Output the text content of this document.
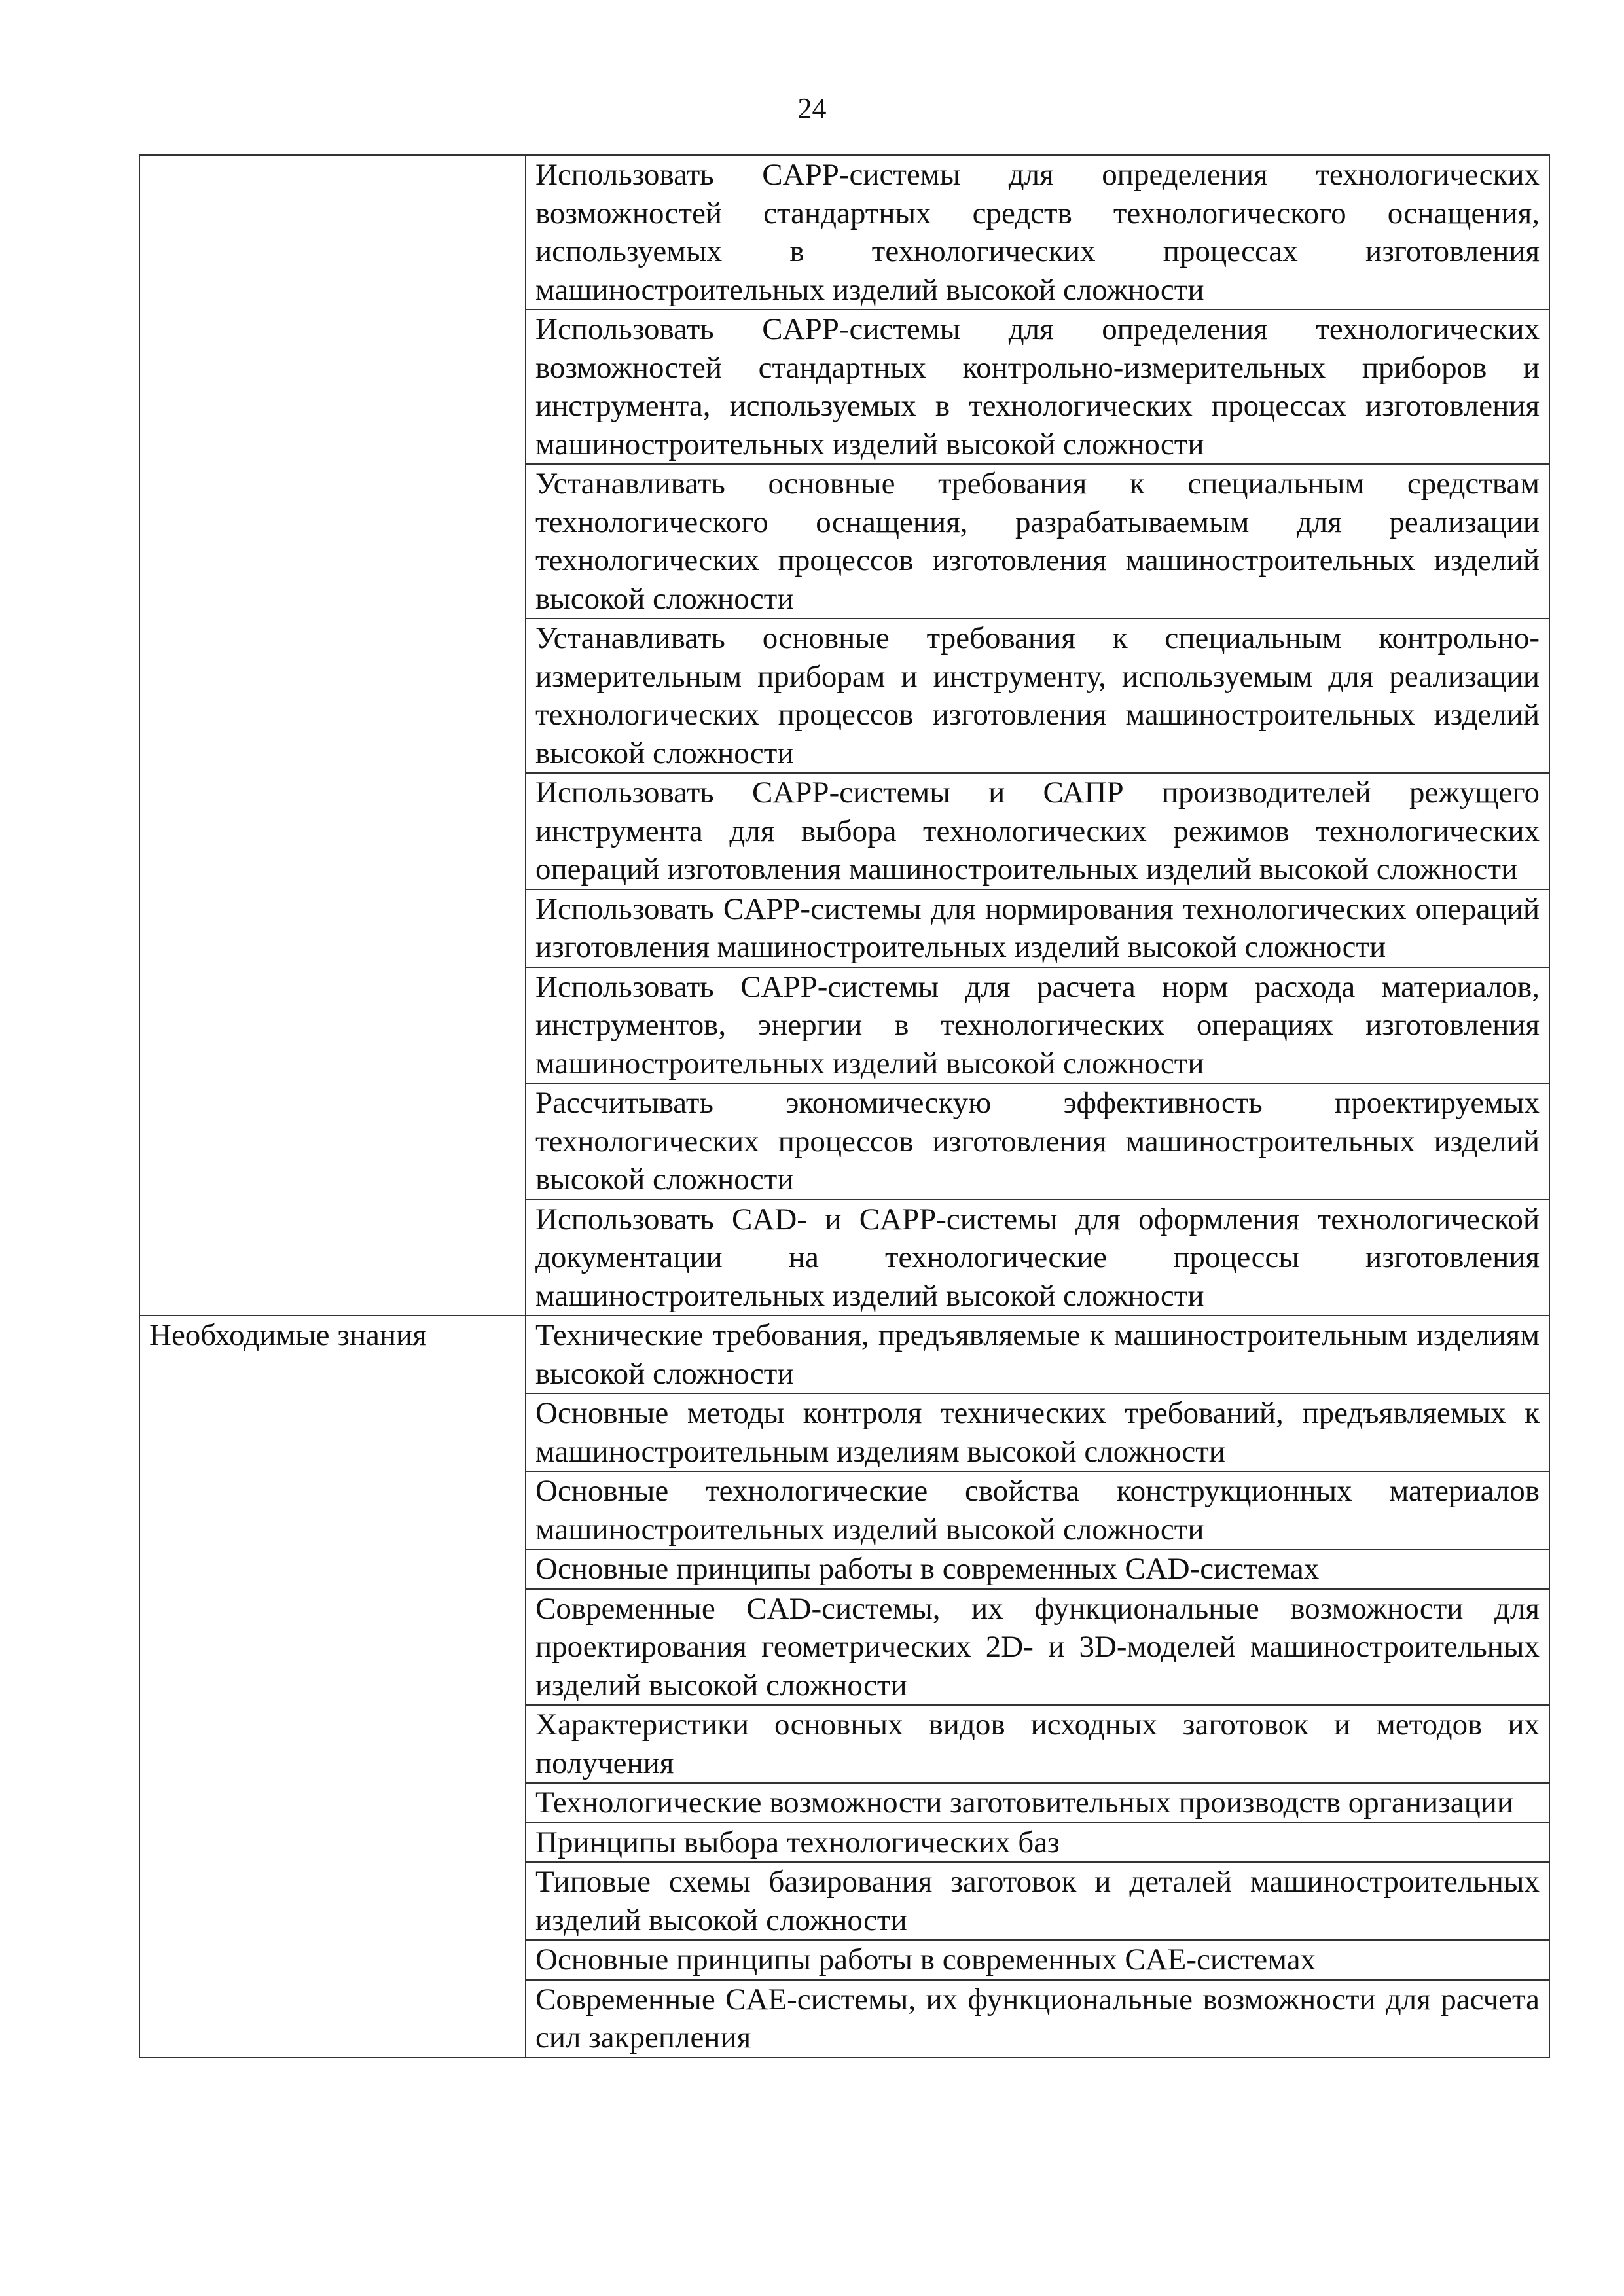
24

	Использовать CAPP-системы для определения технологических возможностей стандартных средств технологического оснащения, используемых в технологических процессах изготовления машиностроительных изделий высокой сложности

	Использовать CAPP-системы для определения технологических возможностей стандартных контрольно-измерительных приборов и инструмента, используемых в технологических процессах изготовления машиностроительных изделий высокой сложности

	Устанавливать основные требования к специальным средствам технологического оснащения, разрабатываемым для реализации технологических процессов изготовления машиностроительных изделий высокой сложности

	Устанавливать основные требования к специальным контрольно-измерительным приборам и инструменту, используемым для реализации технологических процессов изготовления машиностроительных изделий высокой сложности

	Использовать CAPP-системы и САПР производителей режущего инструмента для выбора технологических режимов технологических операций изготовления машиностроительных изделий высокой сложности

	Использовать CAPP-системы для нормирования технологических операций изготовления машиностроительных изделий высокой сложности

	Использовать CAPP-системы для расчета норм расхода материалов, инструментов, энергии в технологических операциях изготовления машиностроительных изделий высокой сложности

	Рассчитывать экономическую эффективность проектируемых технологических процессов изготовления машиностроительных изделий высокой сложности

	Использовать CAD- и CAPP-системы для оформления технологической документации на технологические процессы изготовления машиностроительных изделий высокой сложности

Необходимые знания	Технические требования, предъявляемые к машиностроительным изделиям высокой сложности

	Основные методы контроля технических требований, предъявляемых к машиностроительным изделиям высокой сложности

	Основные технологические свойства конструкционных материалов машиностроительных изделий высокой сложности

	Основные принципы работы в современных CAD-системах

	Современные CAD-системы, их функциональные возможности для проектирования геометрических 2D- и 3D-моделей машиностроительных изделий высокой сложности

	Характеристики основных видов исходных заготовок и методов их получения

	Технологические возможности заготовительных производств организации

	Принципы выбора технологических баз

	Типовые схемы базирования заготовок и деталей машиностроительных изделий высокой сложности

	Основные принципы работы в современных CAE-системах

	Современные CAE-системы, их функциональные возможности для расчета сил закрепления
